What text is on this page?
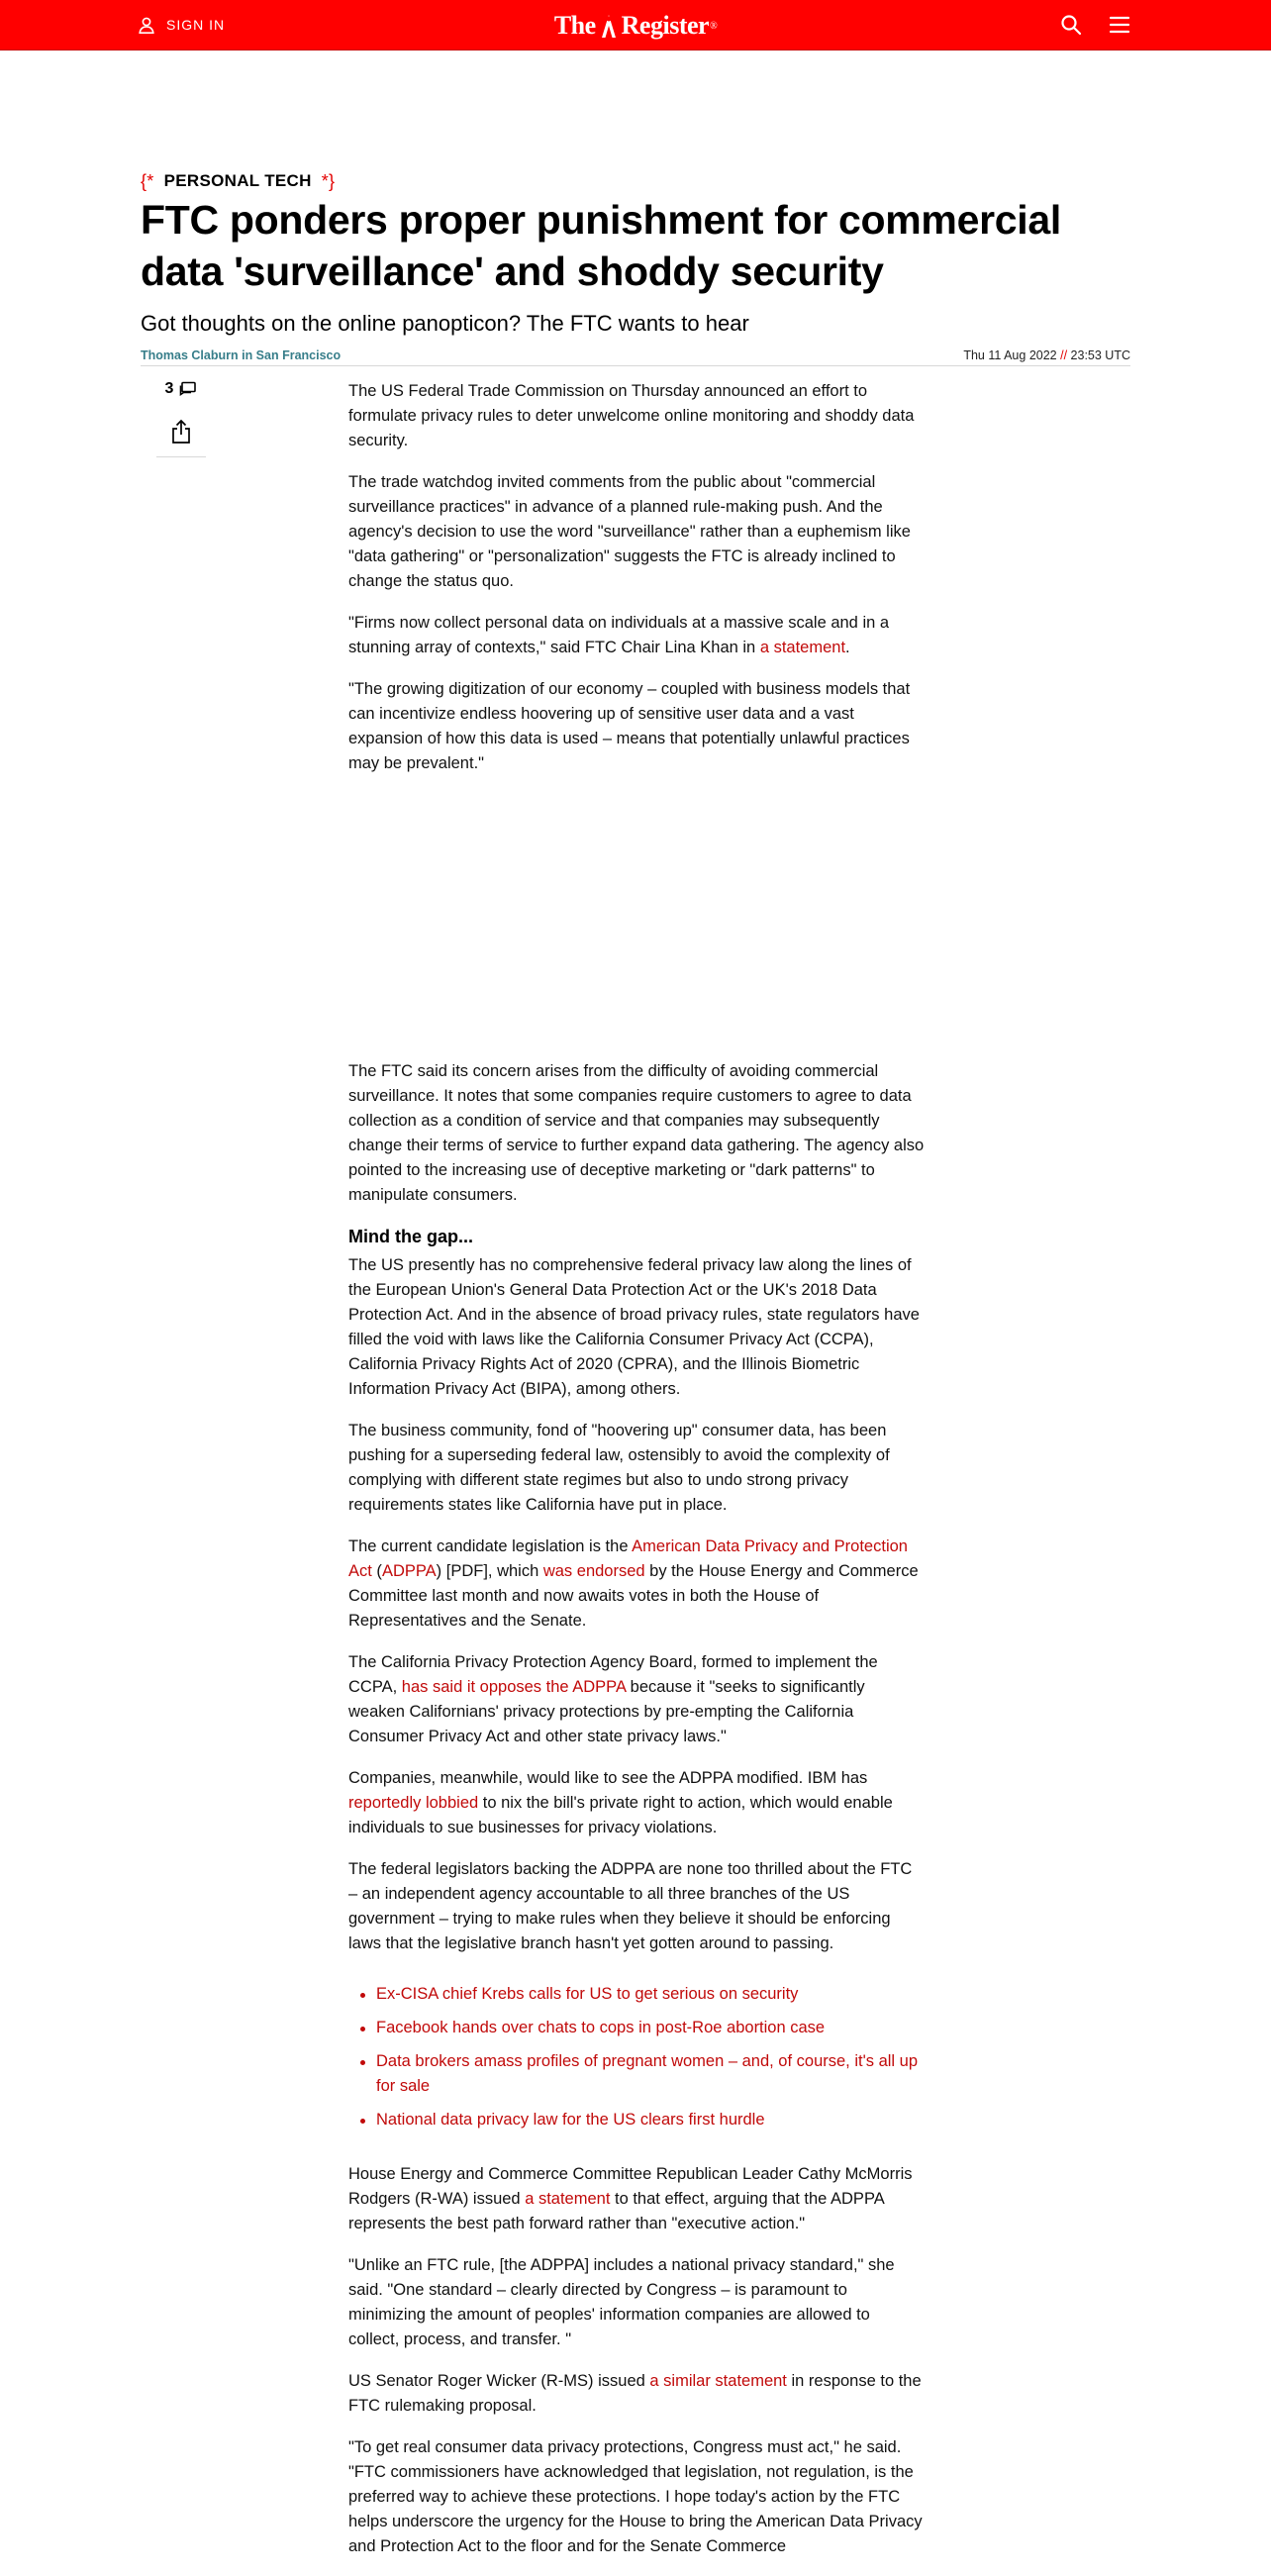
SIGN IN	The Register ®
{* PERSONAL TECH *}
FTC ponders proper punishment for commercial data 'surveillance' and shoddy security
Got thoughts on the online panopticon? The FTC wants to hear
Thomas Claburn in San Francisco	Thu 11 Aug 2022 // 23:53 UTC
3	The US Federal Trade Commission on Thursday announced an effort to formulate privacy rules to deter unwelcome online monitoring and shoddy data security.

The trade watchdog invited comments from the public about "commercial surveillance practices" in advance of a planned rule-making push. And the agency's decision to use the word "surveillance" rather than a euphemism like "data gathering" or "personalization" suggests the FTC is already inclined to change the status quo.

"Firms now collect personal data on individuals at a massive scale and in a stunning array of contexts," said FTC Chair Lina Khan in a statement.

"The growing digitization of our economy – coupled with business models that can incentivize endless hoovering up of sensitive user data and a vast expansion of how this data is used – means that potentially unlawful practices may be prevalent."

The FTC said its concern arises from the difficulty of avoiding commercial surveillance. It notes that some companies require customers to agree to data collection as a condition of service and that companies may subsequently change their terms of service to further expand data gathering. The agency also pointed to the increasing use of deceptive marketing or "dark patterns" to manipulate consumers.

Mind the gap...

The US presently has no comprehensive federal privacy law along the lines of the European Union's General Data Protection Act or the UK's 2018 Data Protection Act. And in the absence of broad privacy rules, state regulators have filled the void with laws like the California Consumer Privacy Act (CCPA), California Privacy Rights Act of 2020 (CPRA), and the Illinois Biometric Information Privacy Act (BIPA), among others.

The business community, fond of "hoovering up" consumer data, has been pushing for a superseding federal law, ostensibly to avoid the complexity of complying with different state regimes but also to undo strong privacy requirements states like California have put in place.

The current candidate legislation is the American Data Privacy and Protection Act (ADPPA) [PDF], which was endorsed by the House Energy and Commerce Committee last month and now awaits votes in both the House of Representatives and the Senate.

The California Privacy Protection Agency Board, formed to implement the CCPA, has said it opposes the ADPPA because it "seeks to significantly weaken Californians' privacy protections by pre-empting the California Consumer Privacy Act and other state privacy laws."

Companies, meanwhile, would like to see the ADPPA modified. IBM has reportedly lobbied to nix the bill's private right to action, which would enable individuals to sue businesses for privacy violations.

The federal legislators backing the ADPPA are none too thrilled about the FTC – an independent agency accountable to all three branches of the US government – trying to make rules when they believe it should be enforcing laws that the legislative branch hasn't yet gotten around to passing.

Ex-CISA chief Krebs calls for US to get serious on security
Facebook hands over chats to cops in post-Roe abortion case
Data brokers amass profiles of pregnant women – and, of course, it's all up for sale
National data privacy law for the US clears first hurdle

House Energy and Commerce Committee Republican Leader Cathy McMorris Rodgers (R-WA) issued a statement to that effect, arguing that the ADPPA represents the best path forward rather than "executive action."

"Unlike an FTC rule, [the ADPPA] includes a national privacy standard," she said. "One standard – clearly directed by Congress – is paramount to minimizing the amount of peoples' information companies are allowed to collect, process, and transfer. "

US Senator Roger Wicker (R-MS) issued a similar statement in response to the FTC rulemaking proposal.

"To get real consumer data privacy protections, Congress must act," he said. "FTC commissioners have acknowledged that legislation, not regulation, is the preferred way to achieve these protections. I hope today's action by the FTC helps underscore the urgency for the House to bring the American Data Privacy and Protection Act to the floor and for the Senate Commerce
